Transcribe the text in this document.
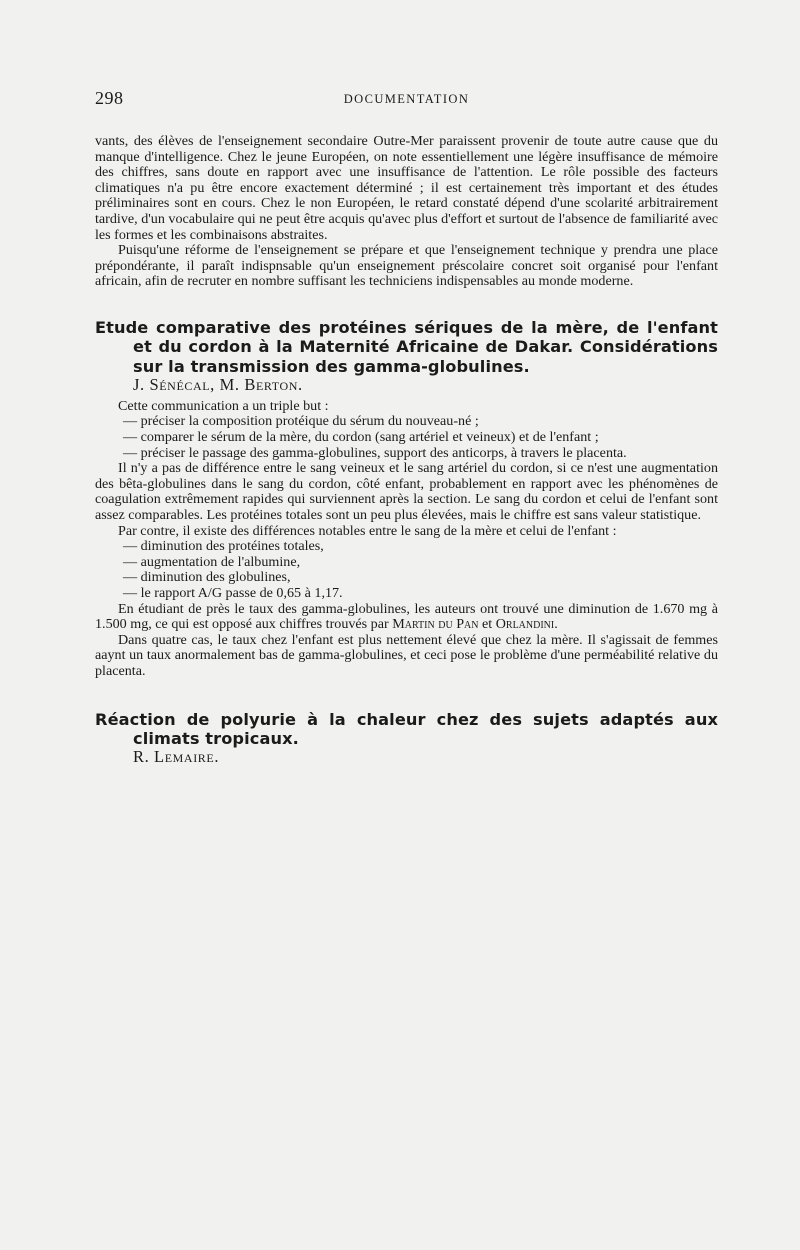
298	DOCUMENTATION

vants, des élèves de l'enseignement secondaire Outre-Mer paraissent provenir de toute autre cause que du manque d'intelligence. Chez le jeune Européen, on note essentiellement une légère insuffisance de mémoire des chiffres, sans doute en rapport avec une insuffisance de l'attention. Le rôle possible des facteurs climatiques n'a pu être encore exactement déterminé ; il est certainement très important et des études préliminaires sont en cours. Chez le non Européen, le retard constaté dépend d'une scolarité arbitrairement tardive, d'un vocabulaire qui ne peut être acquis qu'avec plus d'effort et surtout de l'absence de familiarité avec les formes et les combinaisons abstraites.

Puisqu'une réforme de l'enseignement se prépare et que l'enseignement technique y prendra une place prépondérante, il paraît indispnsable qu'un enseignement préscolaire concret soit organisé pour l'enfant africain, afin de recruter en nombre suffisant les techniciens indispensables au monde moderne.

Etude comparative des protéines sériques de la mère, de l'enfant et du cordon à la Maternité Africaine de Dakar. Considérations sur la transmission des gamma-globulines.
J. Sénécal, M. Berton.

Cette communication a un triple but :

— préciser la composition protéique du sérum du nouveau-né ;

— comparer le sérum de la mère, du cordon (sang artériel et veineux) et de l'enfant ;

— préciser le passage des gamma-globulines, support des anticorps, à travers le placenta.

Il n'y a pas de différence entre le sang veineux et le sang artériel du cordon, si ce n'est une augmentation des bêta-globulines dans le sang du cordon, côté enfant, probablement en rapport avec les phénomènes de coagulation extrêmement rapides qui surviennent après la section. Le sang du cordon et celui de l'enfant sont assez comparables. Les protéines totales sont un peu plus élevées, mais le chiffre est sans valeur statistique.

Par contre, il existe des différences notables entre le sang de la mère et celui de l'enfant :

— diminution des protéines totales,

— augmentation de l'albumine,

— diminution des globulines,

— le rapport A/G passe de 0,65 à 1,17.

En étudiant de près le taux des gamma-globulines, les auteurs ont trouvé une diminution de 1.670 mg à 1.500 mg, ce qui est opposé aux chiffres trouvés par Martin du Pan et Orlandini.

Dans quatre cas, le taux chez l'enfant est plus nettement élevé que chez la mère. Il s'agissait de femmes aaynt un taux anormalement bas de gamma-globulines, et ceci pose le problème d'une perméabilité relative du placenta.

Réaction de polyurie à la chaleur chez des sujets adaptés aux climats tropicaux.
R. Lemaire.
